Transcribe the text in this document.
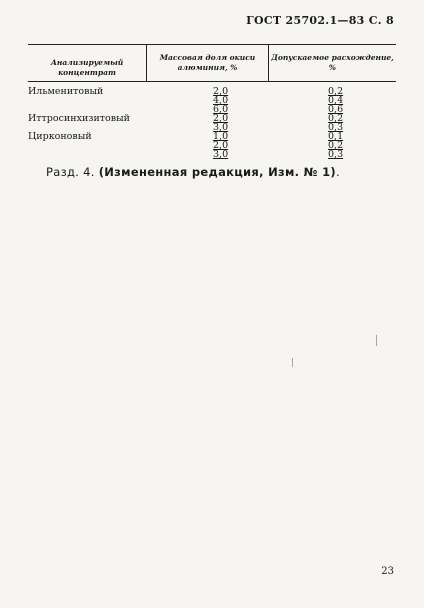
ГОСТ 25702.1—83 С. 8
Анализируемый концентрат
Массовая доля окиси алюминия, %
Допускаемое расхождение, %
Ильменитовый	2,0	0,2
4,0	0,4
6,0	0,6
Иттросинхизитовый	2,0	0,2
3,0	0,3
Цирконовый	1,0	0,1
2,0	0,2
3,0	0,3
Разд. 4. (Измененная редакция, Изм. № 1).
23
